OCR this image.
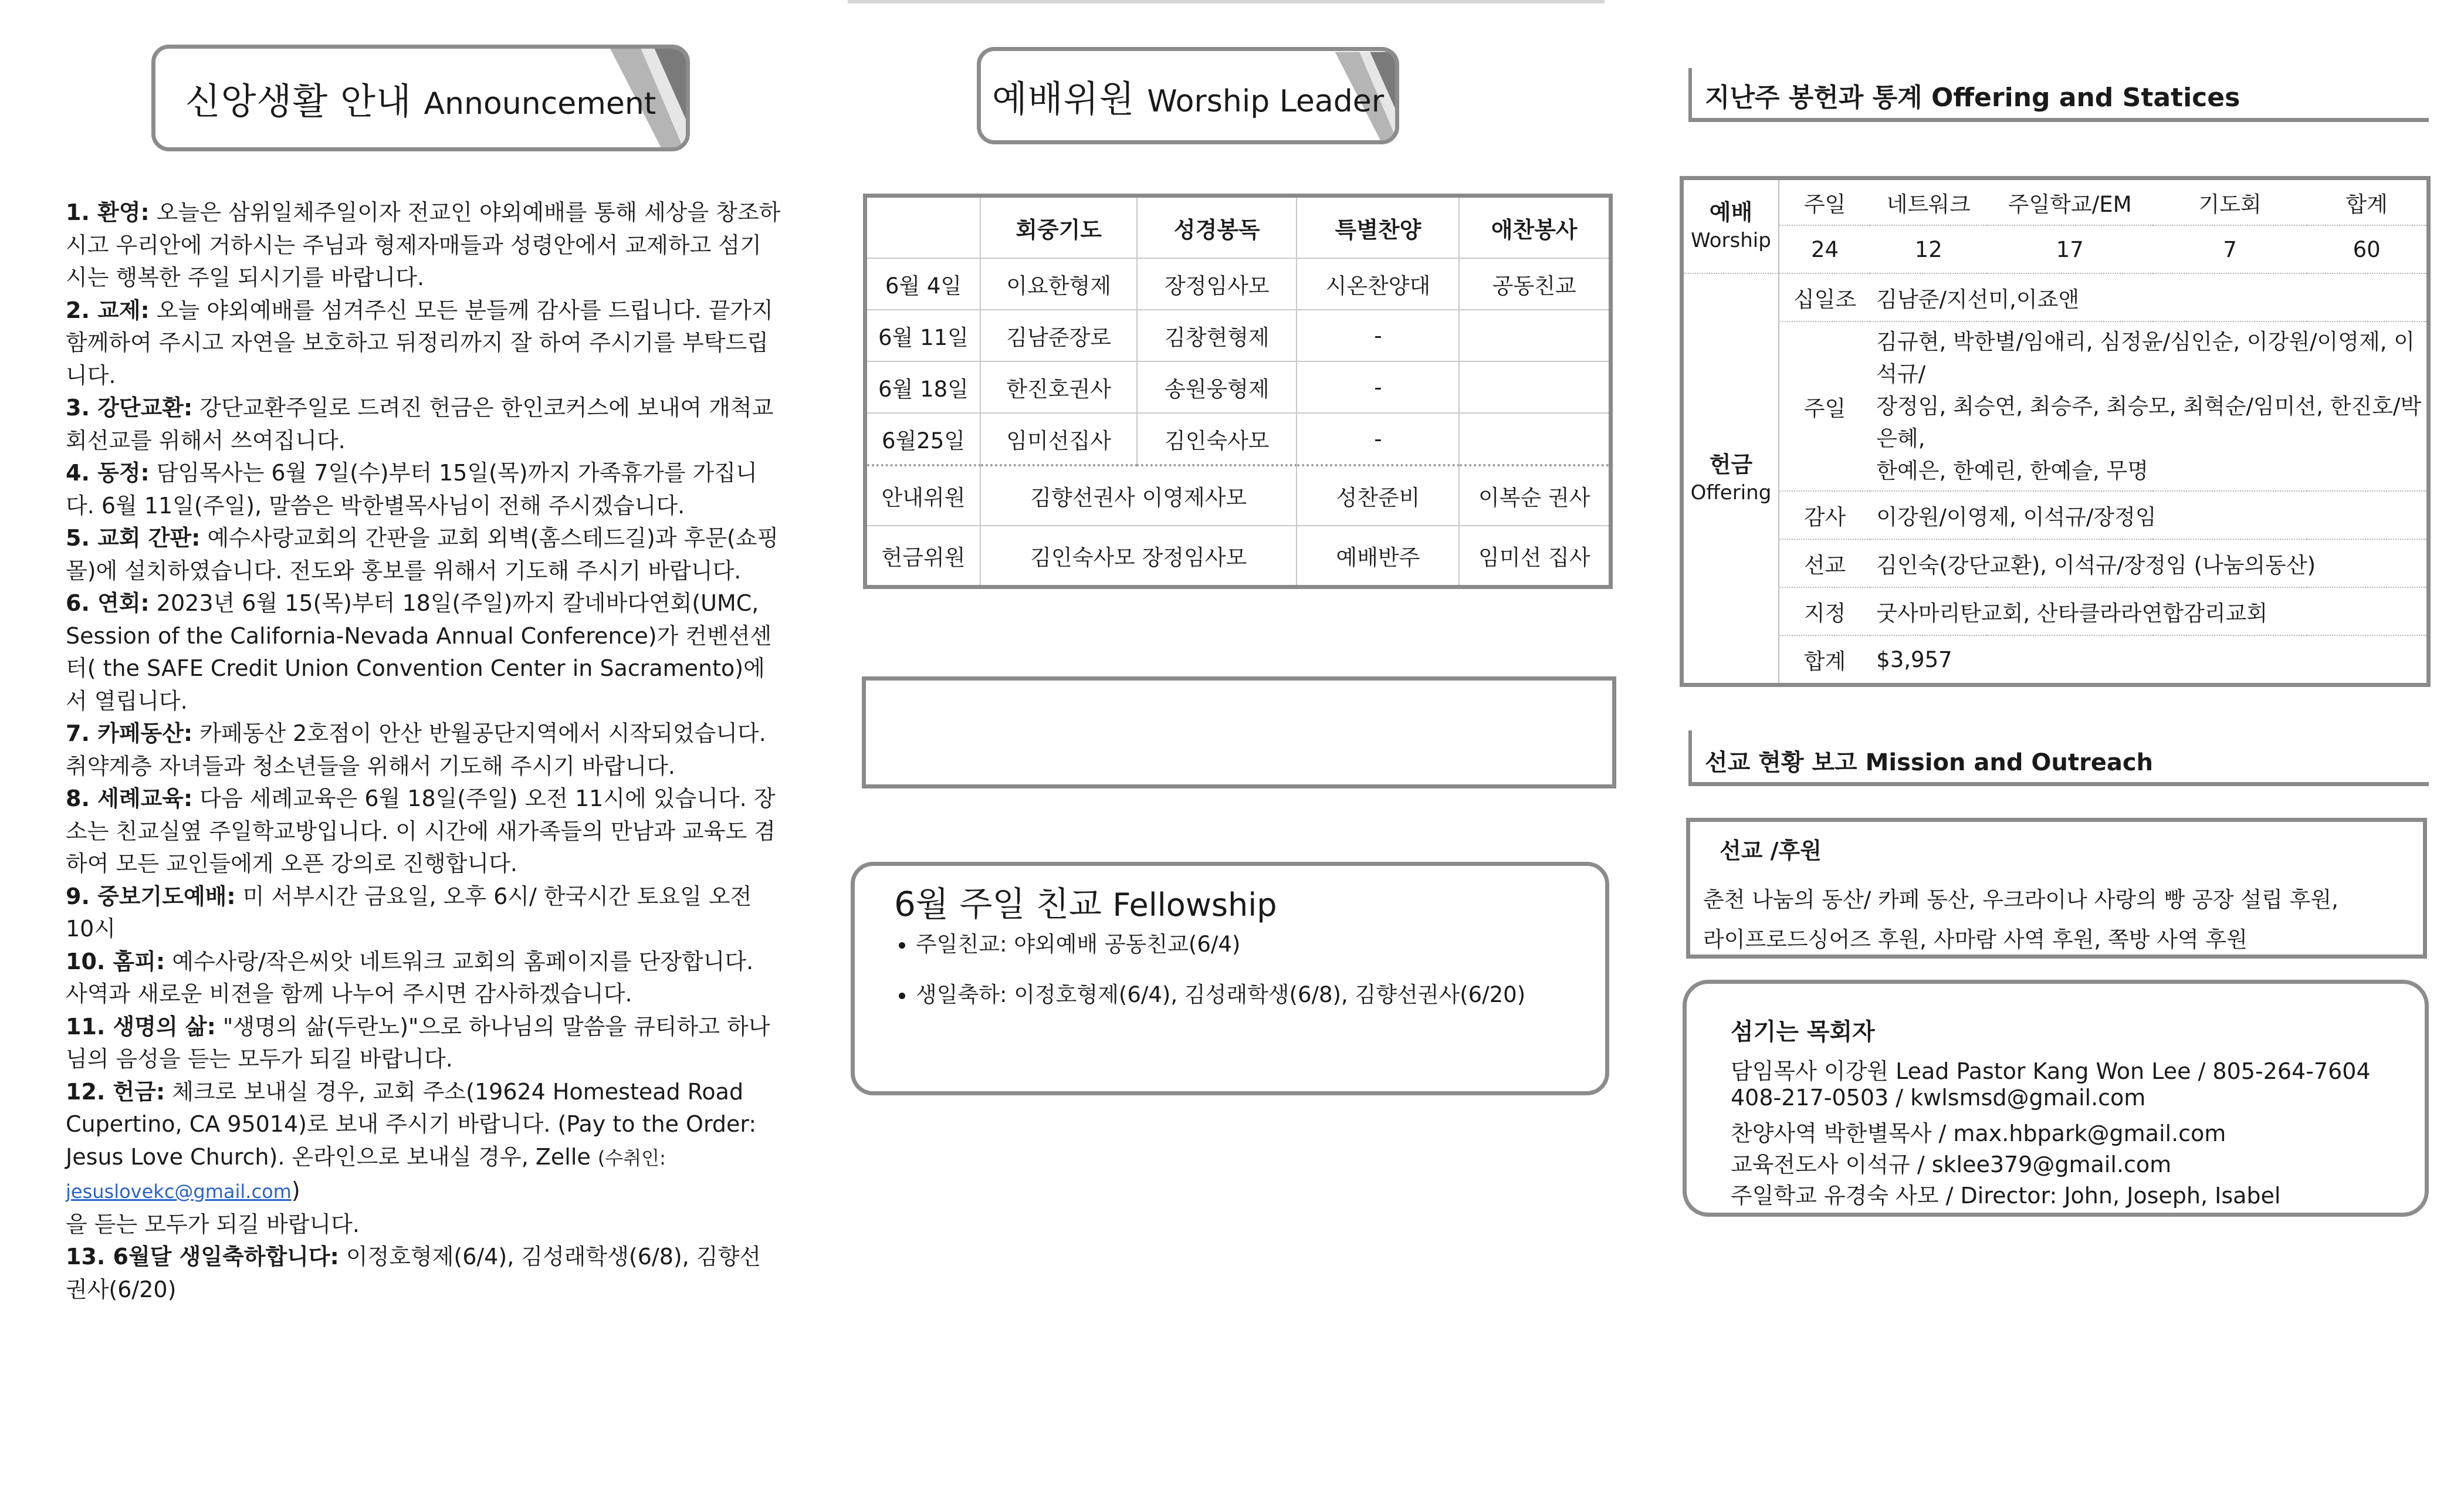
신앙생활 안내 Announcement

1. 환영: 오늘은 삼위일체주일이자 전교인 야외예배를 통해 세상을 창조하시고 우리안에 거하시는 주님과 형제자매들과 성령안에서 교제하고 섬기시는 행복한 주일 되시기를 바랍니다.

2. 교제: 오늘 야외예배를 섬겨주신 모든 분들께 감사를 드립니다. 끝가지 함께하여 주시고 자연을 보호하고 뒤정리까지 잘 하여 주시기를 부탁드립니다.

3. 강단교환: 강단교환주일로 드려진 헌금은 한인코커스에 보내여 개척교회선교를 위해서 쓰여집니다.

4. 동정: 담임목사는 6월 7일(수)부터 15일(목)까지 가족휴가를 가집니다. 6월 11일(주일), 말씀은 박한별목사님이 전해 주시겠습니다.

5. 교회 간판: 예수사랑교회의 간판을 교회 외벽(홈스테드길)과 후문(쇼핑몰)에 설치하였습니다. 전도와 홍보를 위해서 기도해 주시기 바랍니다.

6. 연회: 2023년 6월 15(목)부터 18일(주일)까지 칼네바다연회(UMC, Session of the California-Nevada Annual Conference)가 컨벤션센터( the SAFE Credit Union Convention Center in Sacramento)에서 열립니다.

7. 카페동산: 카페동산 2호점이 안산 반월공단지역에서 시작되었습니다. 취약계층 자녀들과 청소년들을 위해서 기도해 주시기 바랍니다.

8. 세례교육: 다음 세례교육은 6월 18일(주일) 오전 11시에 있습니다. 장소는 친교실옆 주일학교방입니다. 이 시간에 새가족들의 만남과 교육도 겸하여 모든 교인들에게 오픈 강의로 진행합니다.

9. 중보기도예배: 미 서부시간 금요일, 오후 6시/ 한국시간 토요일 오전 10시

10. 홈피: 예수사랑/작은씨앗 네트워크 교회의 홈페이지를 단장합니다. 사역과 새로운 비젼을 함께 나누어 주시면 감사하겠습니다.

11. 생명의 삶: "생명의 삶(두란노)"으로 하나님의 말씀을 큐티하고 하나님의 음성을 듣는 모두가 되길 바랍니다.

12. 헌금: 체크로 보내실 경우, 교회 주소(19624 Homestead Road Cupertino, CA 95014)로 보내 주시기 바랍니다. (Pay to the Order: Jesus Love Church). 온라인으로 보내실 경우, Zelle (수취인: jesuslovekc@gmail.com)
을 듣는 모두가 되길 바랍니다.

13. 6월달 생일축하합니다: 이정호형제(6/4), 김성래학생(6/8), 김향선권사(6/20)

예배위원 Worship Leader
	회중기도	성경봉독	특별찬양	애찬봉사
6월 4일	이요한형제	장정임사모	시온찬양대	공동친교
6월 11일	김남준장로	김창현형제	-	
6월 18일	한진호권사	송원웅형제	-	
6월25일	임미선집사	김인숙사모	-	
안내위원	김향선권사 이영제사모		성찬준비	이복순 권사
헌금위원	김인숙사모 장정임사모		예배반주	임미선 집사
6월 주일 친교 Fellowship
• 주일친교: 야외예배 공동친교(6/4)
• 생일축하: 이정호형제(6/4), 김성래학생(6/8), 김향선권사(6/20)
지난주 봉헌과 통계 Offering and Statices
예배
Worship	주일	네트워크	주일학교/EM	기도회	합계
	24	12	17	7	60
헌금
Offering	십일조	김남준/지선미,이죠앤			
	주일	김규현, 박한별/임애리, 심정윤/심인순, 이강원/이영제, 이석규/
장정임, 최승연, 최승주, 최승모, 최혁순/임미선, 한진호/박은혜,
한예은, 한예린, 한예슬, 무명			
	감사	이강원/이영제, 이석규/장정임			
	선교	김인숙(강단교환), 이석규/장정임 (나눔의동산)			
	지정	굿사마리탄교회, 산타클라라연합감리교회			
	합계	$3,957			
선교 현황 보고 Mission and Outreach
선교 /후원
춘천 나눔의 동산/ 카페 동산, 우크라이나 사랑의 빵 공장 설립 후원,
라이프로드싱어즈 후원, 사마람 사역 후원, 쪽방 사역 후원
섬기는 목회자
담임목사 이강원 Lead Pastor Kang Won Lee / 805-264-7604
408-217-0503 / kwlsmsd@gmail.com
찬양사역 박한별목사 / max.hbpark@gmail.com
교육전도사 이석규 / sklee379@gmail.com
주일학교 유경숙 사모 / Director: John, Joseph, Isabel
